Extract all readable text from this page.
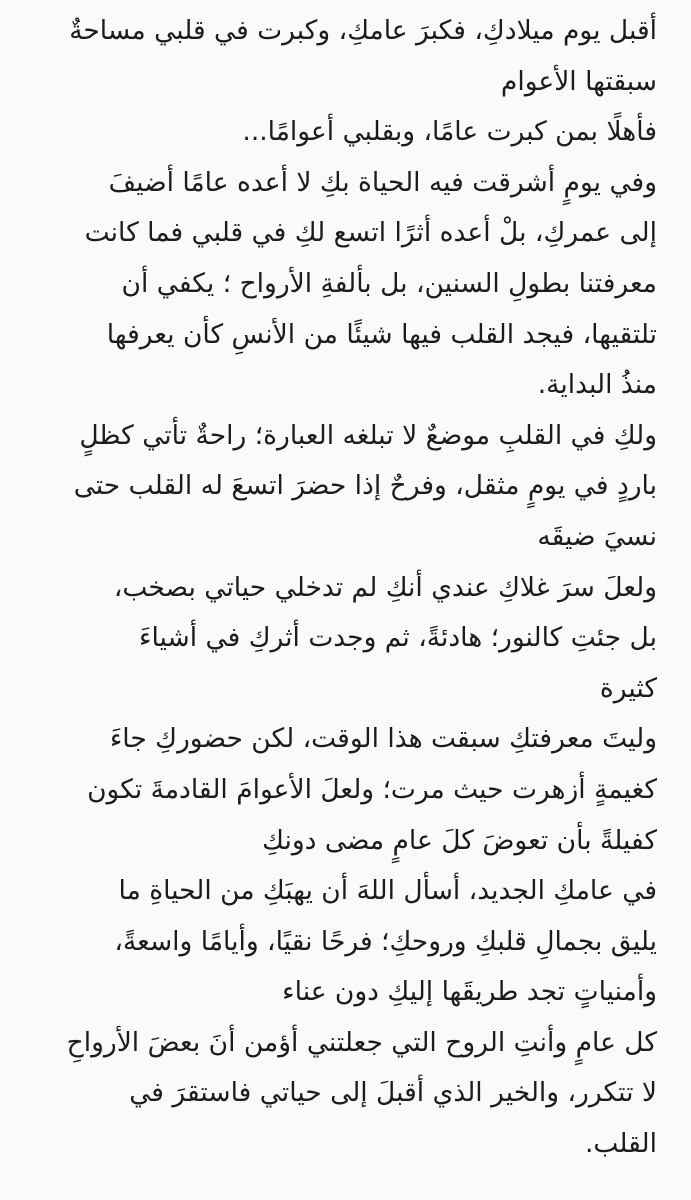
أقبل يوم ميلادكِ، فكبرَ عامكِ، وكبرت في قلبي مساحةٌ
سبقتها الأعوام
فأهلًا بمن كبرت عامًا، وبقلبي أعوامًا...
وفي يومٍ أشرقت فيه الحياة بكِ لا أعده عامًا أضيفَ
إلى عمركِ، بلْ أعده أثرًا اتسع لكِ في قلبي فما كانت
معرفتنا بطولِ السنين، بل بألفةِ الأرواح ؛ يكفي أن
تلتقيها، فيجد القلب فيها شيئًا من الأنسِ كأن يعرفها
منذُ البداية.
ولكِ في القلبِ موضعٌ لا تبلغه العبارة؛ راحةٌ تأتي كظلٍ
باردٍ في يومٍ مثقل، وفرحٌ إذا حضرَ اتسعَ له القلب حتى
نسيَ ضيقَه
ولعلَ سرَ غلاكِ عندي أنكِ لم تدخلي حياتي بصخب،
بل جئتِ كالنور؛ هادئةً، ثم وجدت أثركِ في أشياءَ
كثيرة
وليتَ معرفتكِ سبقت هذا الوقت، لكن حضوركِ جاءَ
كغيمةٍ أزهرت حيث مرت؛ ولعلَ الأعوامَ القادمةَ تكون
كفيلةً بأن تعوضَ كلَ عامٍ مضى دونكِ
في عامكِ الجديد، أسأل اللهَ أن يهبَكِ من الحياةِ ما
يليق بجمالِ قلبكِ وروحكِ؛ فرحًا نقيًا، وأيامًا واسعةً،
وأمنياتٍ تجد طريقَها إليكِ دون عناء
كل عامٍ وأنتِ الروح التي جعلتني أؤمن أنَ بعضَ الأرواحِ
لا تتكرر، والخير الذي أقبلَ إلى حياتي فاستقرَ في
القلب.
